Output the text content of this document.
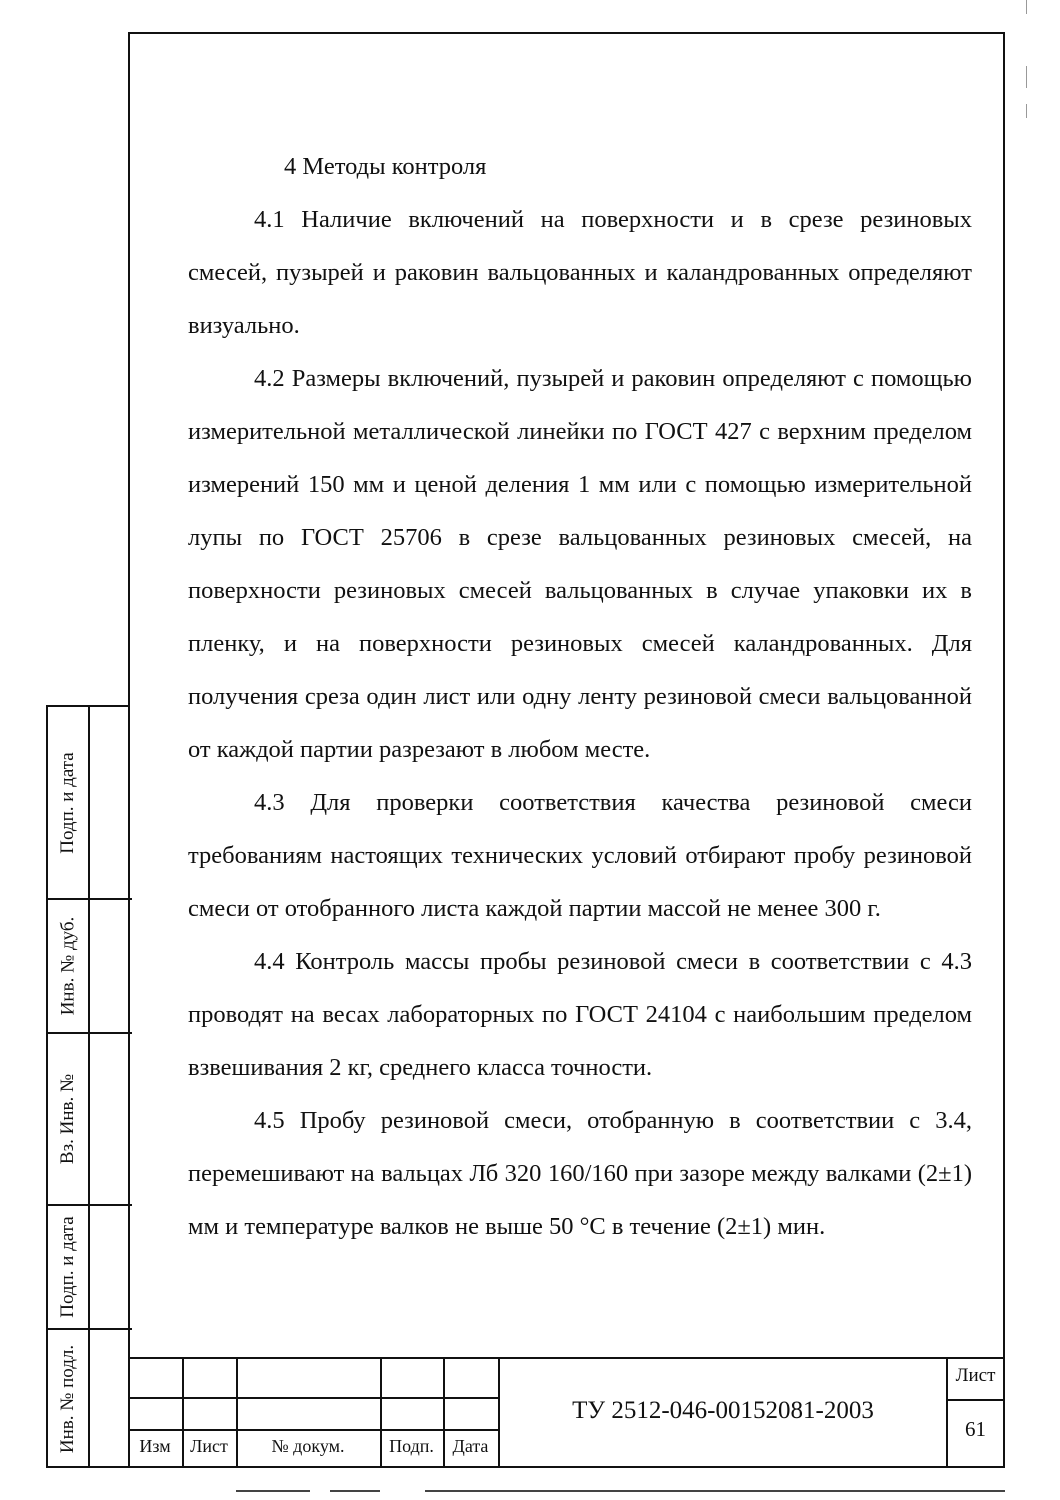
Подп. и дата
Инв. № дуб.
Вз. Инв. №
Подп. и дата
Инв. № подл.
4 Методы контроля

4.1 Наличие включений на поверхности и в срезе резиновых смесей, пузырей и раковин вальцованных и каландрованных определяют визуально.

4.2 Размеры включений, пузырей и раковин определяют с помощью измерительной металлической линейки по ГОСТ 427 с верхним пределом измерений 150 мм и ценой деления 1 мм или с помощью измерительной лупы по ГОСТ 25706 в срезе вальцованных резиновых смесей, на поверхности резиновых смесей вальцованных в случае упаковки их в пленку, и на поверхности резиновых смесей каландрованных. Для получения среза один лист или одну ленту резиновой смеси вальцованной от каждой партии разрезают в любом месте.

4.3 Для проверки соответствия качества резиновой смеси требованиям настоящих технических условий отбирают пробу резиновой смеси от отобранного листа каждой партии массой не менее 300 г.

4.4 Контроль массы пробы резиновой смеси в соответствии с 4.3 проводят на весах лабораторных по ГОСТ 24104 с наибольшим пределом взвешивания 2 кг, среднего класса точности.

4.5 Пробу резиновой смеси, отобранную в соответствии с 3.4, перемешивают на вальцах Лб 320 160/160 при зазоре между валками (2±1) мм и температуре валков не выше 50 °С в течение (2±1) мин.

Изм	Лист	№ докум.	Подп.	Дата
ТУ 2512-046-00152081-2003
Лист
61
